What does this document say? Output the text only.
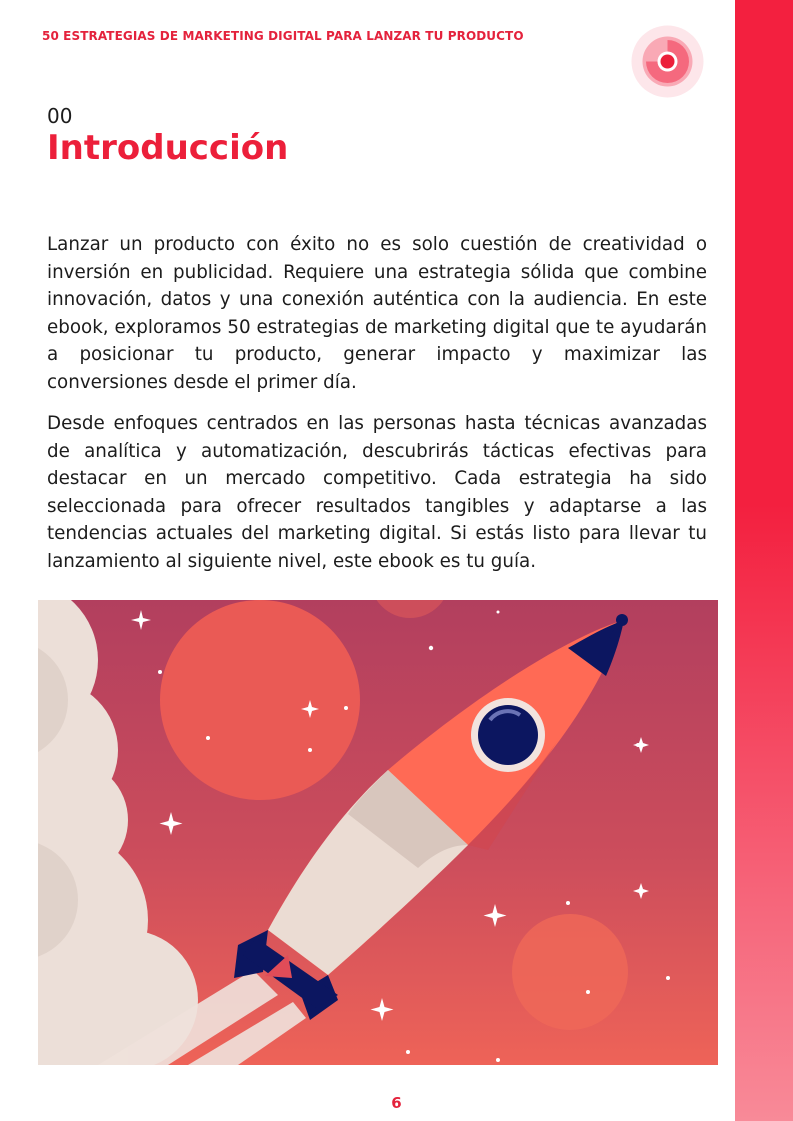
50 ESTRATEGIAS DE MARKETING DIGITAL PARA LANZAR TU PRODUCTO
00
Introducción

Lanzar un producto con éxito no es solo cuestión de creatividad o inversión en publicidad. Requiere una estrategia sólida que combine innovación, datos y una conexión auténtica con la audiencia. En este ebook, exploramos 50 estrategias de marketing digital que te ayudarán a posicionar tu producto, generar impacto y maximizar las conversiones desde el primer día.

Desde enfoques centrados en las personas hasta técnicas avanzadas de analítica y automatización, descubrirás tácticas efectivas para destacar en un mercado competitivo. Cada estrategia ha sido seleccionada para ofrecer resultados tangibles y adaptarse a las tendencias actuales del marketing digital. Si estás listo para llevar tu lanzamiento al siguiente nivel, este ebook es tu guía.

6
